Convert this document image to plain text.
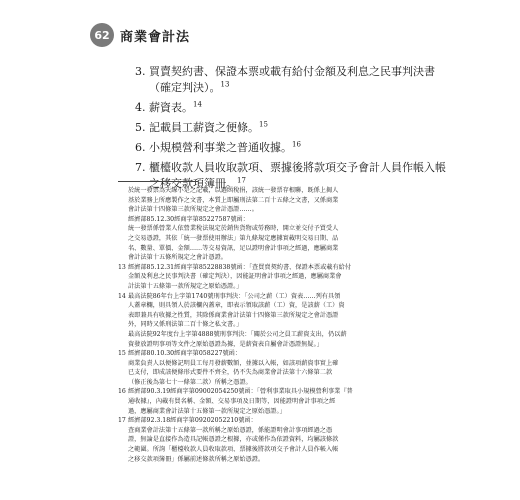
62 商業會計法
3. 買賣契約書、保證本票或載有給付金額及利息之民事判決書
（確定判決）。$^{13}$
4. 薪資表。$^{14}$
5. 記載員工薪資之便條。$^{15}$
6. 小規模營利事業之普通收據。$^{16}$
7. 櫃檯收款人員收取款項、票據後將款項交予會計人員作帳入帳
之移交款項簿冊。$^{17}$
於統一發票為天線小是之記載，以過函稅捐，該統一發票存根聯，既係上揭人
基於業務上所應製作之文書，本質上即屬刑法第二百十五條之文書，又係商業
會計法第十四條第三款所規定之會計憑證……。
經濟部85.12.30經商字第85227587號函：
統一發票係營業人依營業稅法規定於銷售貨物或勞務時，開立並交付予買受人
之交易憑證，其依「統一發票使用辦法」第九條規定應據實載明交易日期、品
名、數量、單價、金額……等交易資訊，足以證明會計事項之經過，應屬商業
會計法第十五條所規定之會計憑證。
13 經濟部85.12.31經商字第85228838號函：「查買賣契約書、保證本票或載有給付
金額及利息之民事判決書（確定判決），因能証明會計事項之經過，應屬商業會
計法第十五條第一款所規定之原始憑證。」
14 最高法院86年台上字第1740號刑事判決：「公司之薪（工）資表……列有具領
人蓋章欄，則具領人於該欄內蓋章，即表示領取該薪（工）資，是該薪（工）資
表即兼具有收據之性質，其除係商業會計法第十四條第三款所規定之會計憑證
外，同時又係刑法第二百十條之私文書。」
最高法院92年度台上字第4888號刑事判決：「關於公司之員工薪資支出，仍以薪
資發放證明事項等文件之原始憑證為據，是薪資表自屬會計憑證無疑。」
15 經濟部80.10.30經商字第058227號函：
商業負責人以便條記明員工每月發薪數額，並據以入帳，如該項薪資事實上確
已支付，即成該便條形式要件不齊全，仍不失為商業會計法第十六條第二款
（修正後為第七十一條第二款）所稱之憑證。
16 經濟部90.3.19經商字第09002054250號函：「營利事業取具小規模營利事業『普
通收據』，內載有買名稱、金額、交易事項及日期等，因能證明會計事項之經
過，應屬商業會計法第十五條第一款所規定之原始憑證。」
17 經濟部92.3.18經商字第09202052210號函：
查商業會計法第十五條第一款所稱之原始憑證，係能證明會計事項經過之憑
證，無論是直接作為造具記帳憑證之根據，亦或僅作為依證資料，均屬該條款
之範圍。所詢「櫃檯收款人員收取款項、票據後將款項交予會計人員作帳入帳
之移交款項簿冊」係屬前述條款所稱之原始憑證。
